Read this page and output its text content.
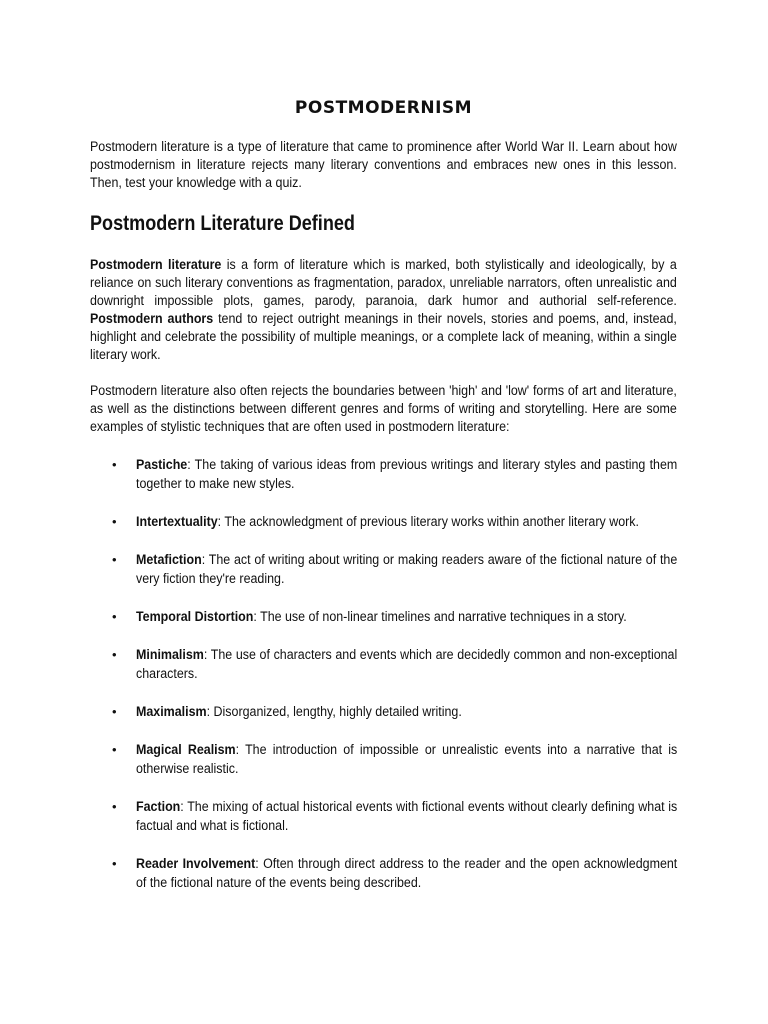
POSTMODERNISM

Postmodern literature is a type of literature that came to prominence after World War II. Learn about how postmodernism in literature rejects many literary conventions and embraces new ones in this lesson. Then, test your knowledge with a quiz.

Postmodern Literature Defined

Postmodern literature is a form of literature which is marked, both stylistically and ideologically, by a reliance on such literary conventions as fragmentation, paradox, unreliable narrators, often unrealistic and downright impossible plots, games, parody, paranoia, dark humor and authorial self-reference. Postmodern authors tend to reject outright meanings in their novels, stories and poems, and, instead, highlight and celebrate the possibility of multiple meanings, or a complete lack of meaning, within a single literary work.

Postmodern literature also often rejects the boundaries between 'high' and 'low' forms of art and literature, as well as the distinctions between different genres and forms of writing and storytelling. Here are some examples of stylistic techniques that are often used in postmodern literature:

• Pastiche: The taking of various ideas from previous writings and literary styles and pasting them together to make new styles.
• Intertextuality: The acknowledgment of previous literary works within another literary work.
• Metafiction: The act of writing about writing or making readers aware of the fictional nature of the very fiction they're reading.
• Temporal Distortion: The use of non-linear timelines and narrative techniques in a story.
• Minimalism: The use of characters and events which are decidedly common and non-exceptional characters.
• Maximalism: Disorganized, lengthy, highly detailed writing.
• Magical Realism: The introduction of impossible or unrealistic events into a narrative that is otherwise realistic.
• Faction: The mixing of actual historical events with fictional events without clearly defining what is factual and what is fictional.
• Reader Involvement: Often through direct address to the reader and the open acknowledgment of the fictional nature of the events being described.
